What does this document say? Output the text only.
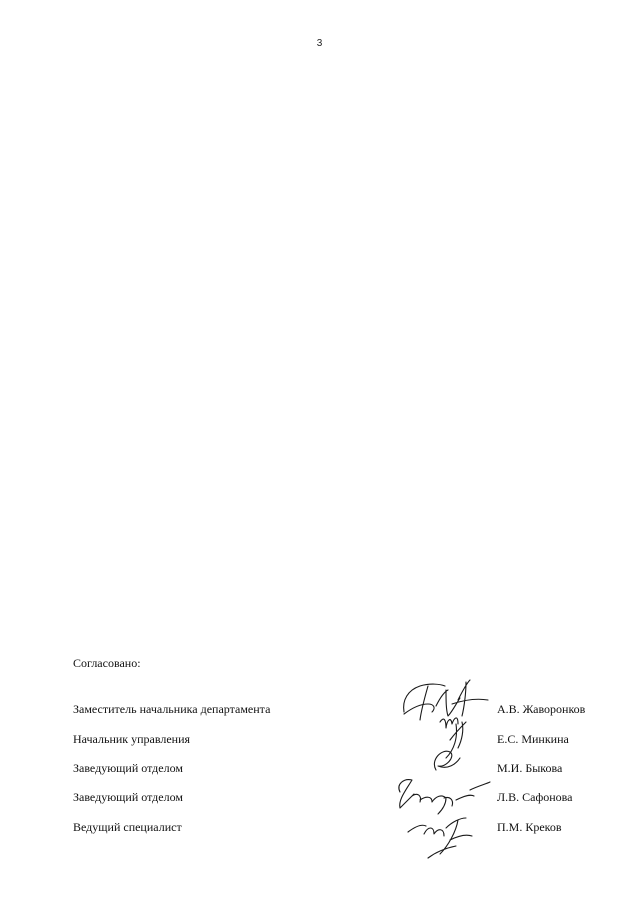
3
Согласовано:
Заместитель начальника департамента	А.В. Жаворонков
Начальник управления	Е.С. Минкина
Заведующий отделом	М.И. Быкова
Заведующий отделом	Л.В. Сафонова
Ведущий специалист	П.М. Креков
